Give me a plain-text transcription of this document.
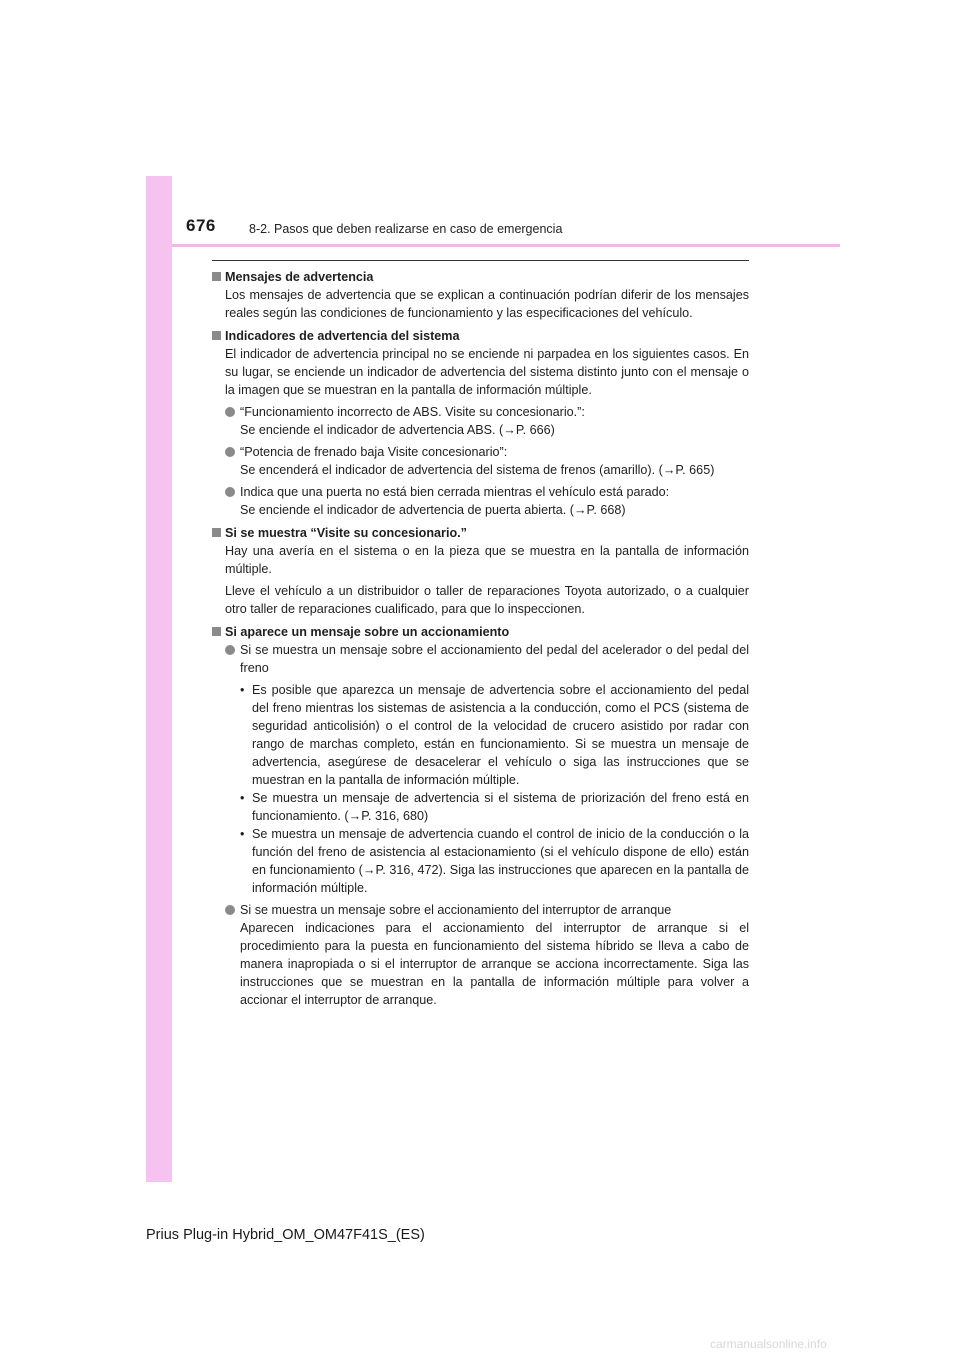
676	8-2. Pasos que deben realizarse en caso de emergencia
Mensajes de advertencia
Los mensajes de advertencia que se explican a continuación podrían diferir de los mensajes reales según las condiciones de funcionamiento y las especificaciones del vehículo.
Indicadores de advertencia del sistema
El indicador de advertencia principal no se enciende ni parpadea en los siguientes casos. En su lugar, se enciende un indicador de advertencia del sistema distinto junto con el mensaje o la imagen que se muestran en la pantalla de información múltiple.
“Funcionamiento incorrecto de ABS. Visite su concesionario.”:
Se enciende el indicador de advertencia ABS. (→P. 666)
“Potencia de frenado baja Visite concesionario”:
Se encenderá el indicador de advertencia del sistema de frenos (amarillo). (→P. 665)
Indica que una puerta no está bien cerrada mientras el vehículo está parado:
Se enciende el indicador de advertencia de puerta abierta. (→P. 668)
Si se muestra “Visite su concesionario.”
Hay una avería en el sistema o en la pieza que se muestra en la pantalla de información múltiple.
Lleve el vehículo a un distribuidor o taller de reparaciones Toyota autorizado, o a cualquier otro taller de reparaciones cualificado, para que lo inspeccionen.
Si aparece un mensaje sobre un accionamiento
Si se muestra un mensaje sobre el accionamiento del pedal del acelerador o del pedal del freno
• Es posible que aparezca un mensaje de advertencia sobre el accionamiento del pedal del freno mientras los sistemas de asistencia a la conducción, como el PCS (sistema de seguridad anticolisión) o el control de la velocidad de crucero asistido por radar con rango de marchas completo, están en funcionamiento. Si se muestra un mensaje de advertencia, asegúrese de desacelerar el vehículo o siga las instrucciones que se muestran en la pantalla de información múltiple.
• Se muestra un mensaje de advertencia si el sistema de priorización del freno está en funcionamiento. (→P. 316, 680)
• Se muestra un mensaje de advertencia cuando el control de inicio de la conducción o la función del freno de asistencia al estacionamiento (si el vehículo dispone de ello) están en funcionamiento (→P. 316, 472). Siga las instrucciones que aparecen en la pantalla de información múltiple.
Si se muestra un mensaje sobre el accionamiento del interruptor de arranque
Aparecen indicaciones para el accionamiento del interruptor de arranque si el procedimiento para la puesta en funcionamiento del sistema híbrido se lleva a cabo de manera inapropiada o si el interruptor de arranque se acciona incorrectamente. Siga las instrucciones que se muestran en la pantalla de información múltiple para volver a accionar el interruptor de arranque.
Prius Plug-in Hybrid_OM_OM47F41S_(ES)
carmanualsonline.info
